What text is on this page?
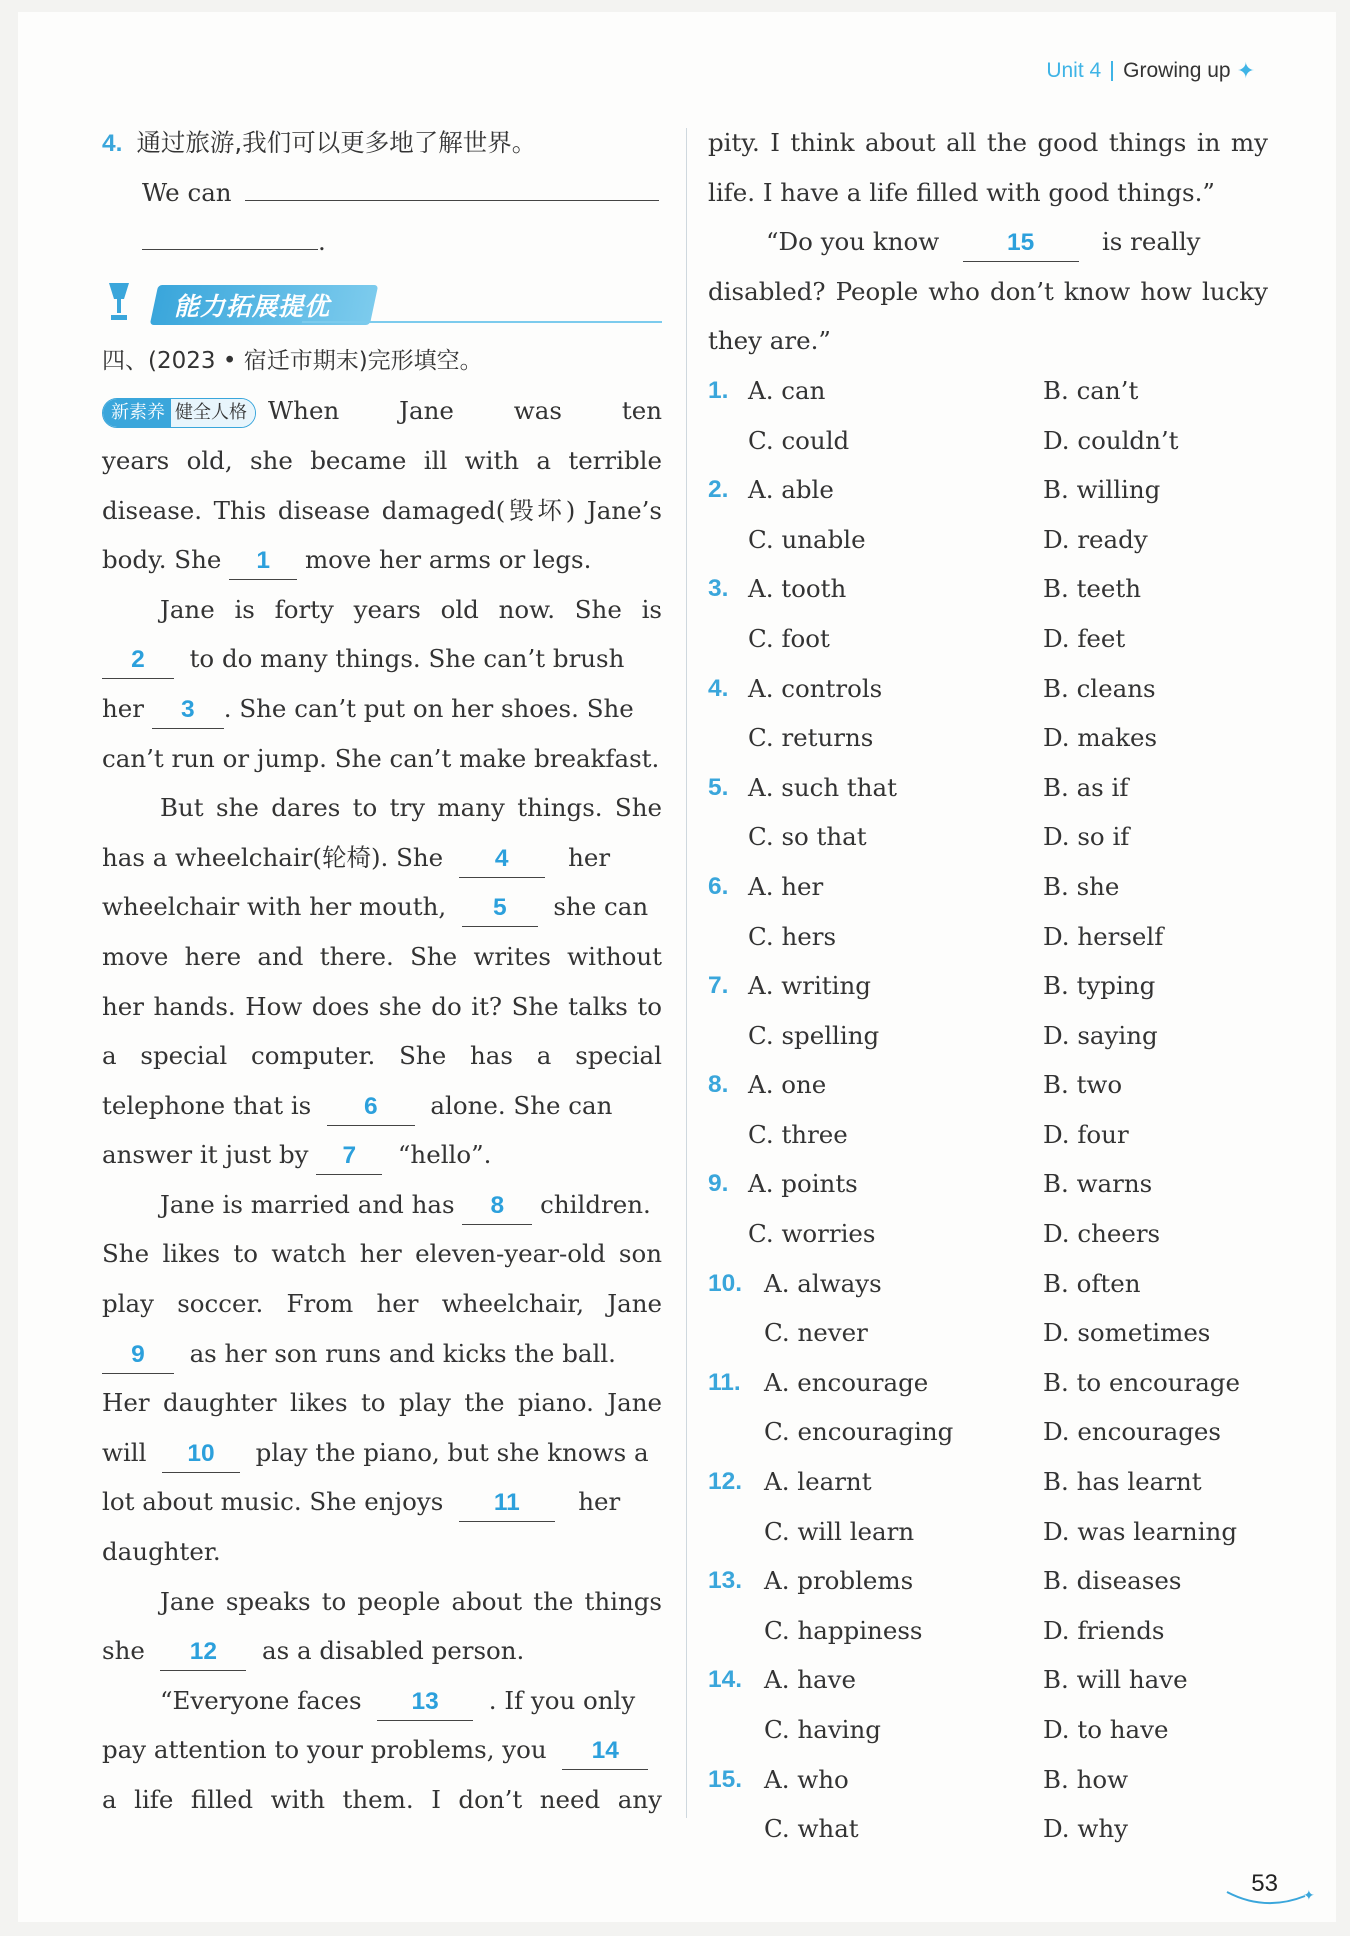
Unit 4 Growing up ✦
4. 通过旅游,我们可以更多地了解世界。
We can
.
能力拓展提优
四、(2023 • 宿迁市期末)完形填空。
新素养 健全人格 When Jane was ten
years old, she became ill with a terrible
disease. This disease damaged(毁坏) Jane’s
body. She 1 move her arms or legs.
Jane is forty years old now. She is
2 to do many things. She can’t brush
her 3 . She can’t put on her shoes. She
can’t run or jump. She can’t make breakfast.
But she dares to try many things. She
has a wheelchair(轮椅). She 4 her
wheelchair with her mouth, 5 she can
move here and there. She writes without
her hands. How does she do it? She talks to
a special computer. She has a special
telephone that is 6 alone. She can
answer it just by 7 “hello”.
Jane is married and has 8 children.
She likes to watch her eleven-year-old son
play soccer. From her wheelchair, Jane
9 as her son runs and kicks the ball.
Her daughter likes to play the piano. Jane
will 10 play the piano, but she knows a
lot about music. She enjoys 11 her
daughter.
Jane speaks to people about the things
she 12 as a disabled person.
“Everyone faces 13 . If you only
pay attention to your problems, you 14
a life filled with them. I don’t need any
pity. I think about all the good things in my
life. I have a life filled with good things.”
“Do you know	15	is really
disabled? People who don’t know how lucky
they are.”
1. A. can	B. can’t
C. could	D. couldn’t
2. A. able	B. willing
C. unable	D. ready
3. A. tooth	B. teeth
C. foot	D. feet
4. A. controls	B. cleans
C. returns	D. makes
5. A. such that	B. as if
C. so that	D. so if
6. A. her	B. she
C. hers	D. herself
7. A. writing	B. typing
C. spelling	D. saying
8. A. one	B. two
C. three	D. four
9. A. points	B. warns
C. worries	D. cheers
10. A. always	B. often
C. never	D. sometimes
11. A. encourage	B. to encourage
C. encouraging	D. encourages
12. A. learnt	B. has learnt
C. will learn	D. was learning
13. A. problems	B. diseases
C. happiness	D. friends
14. A. have	B. will have
C. having	D. to have
15. A. who	B. how
C. what	D. why
✦
53
